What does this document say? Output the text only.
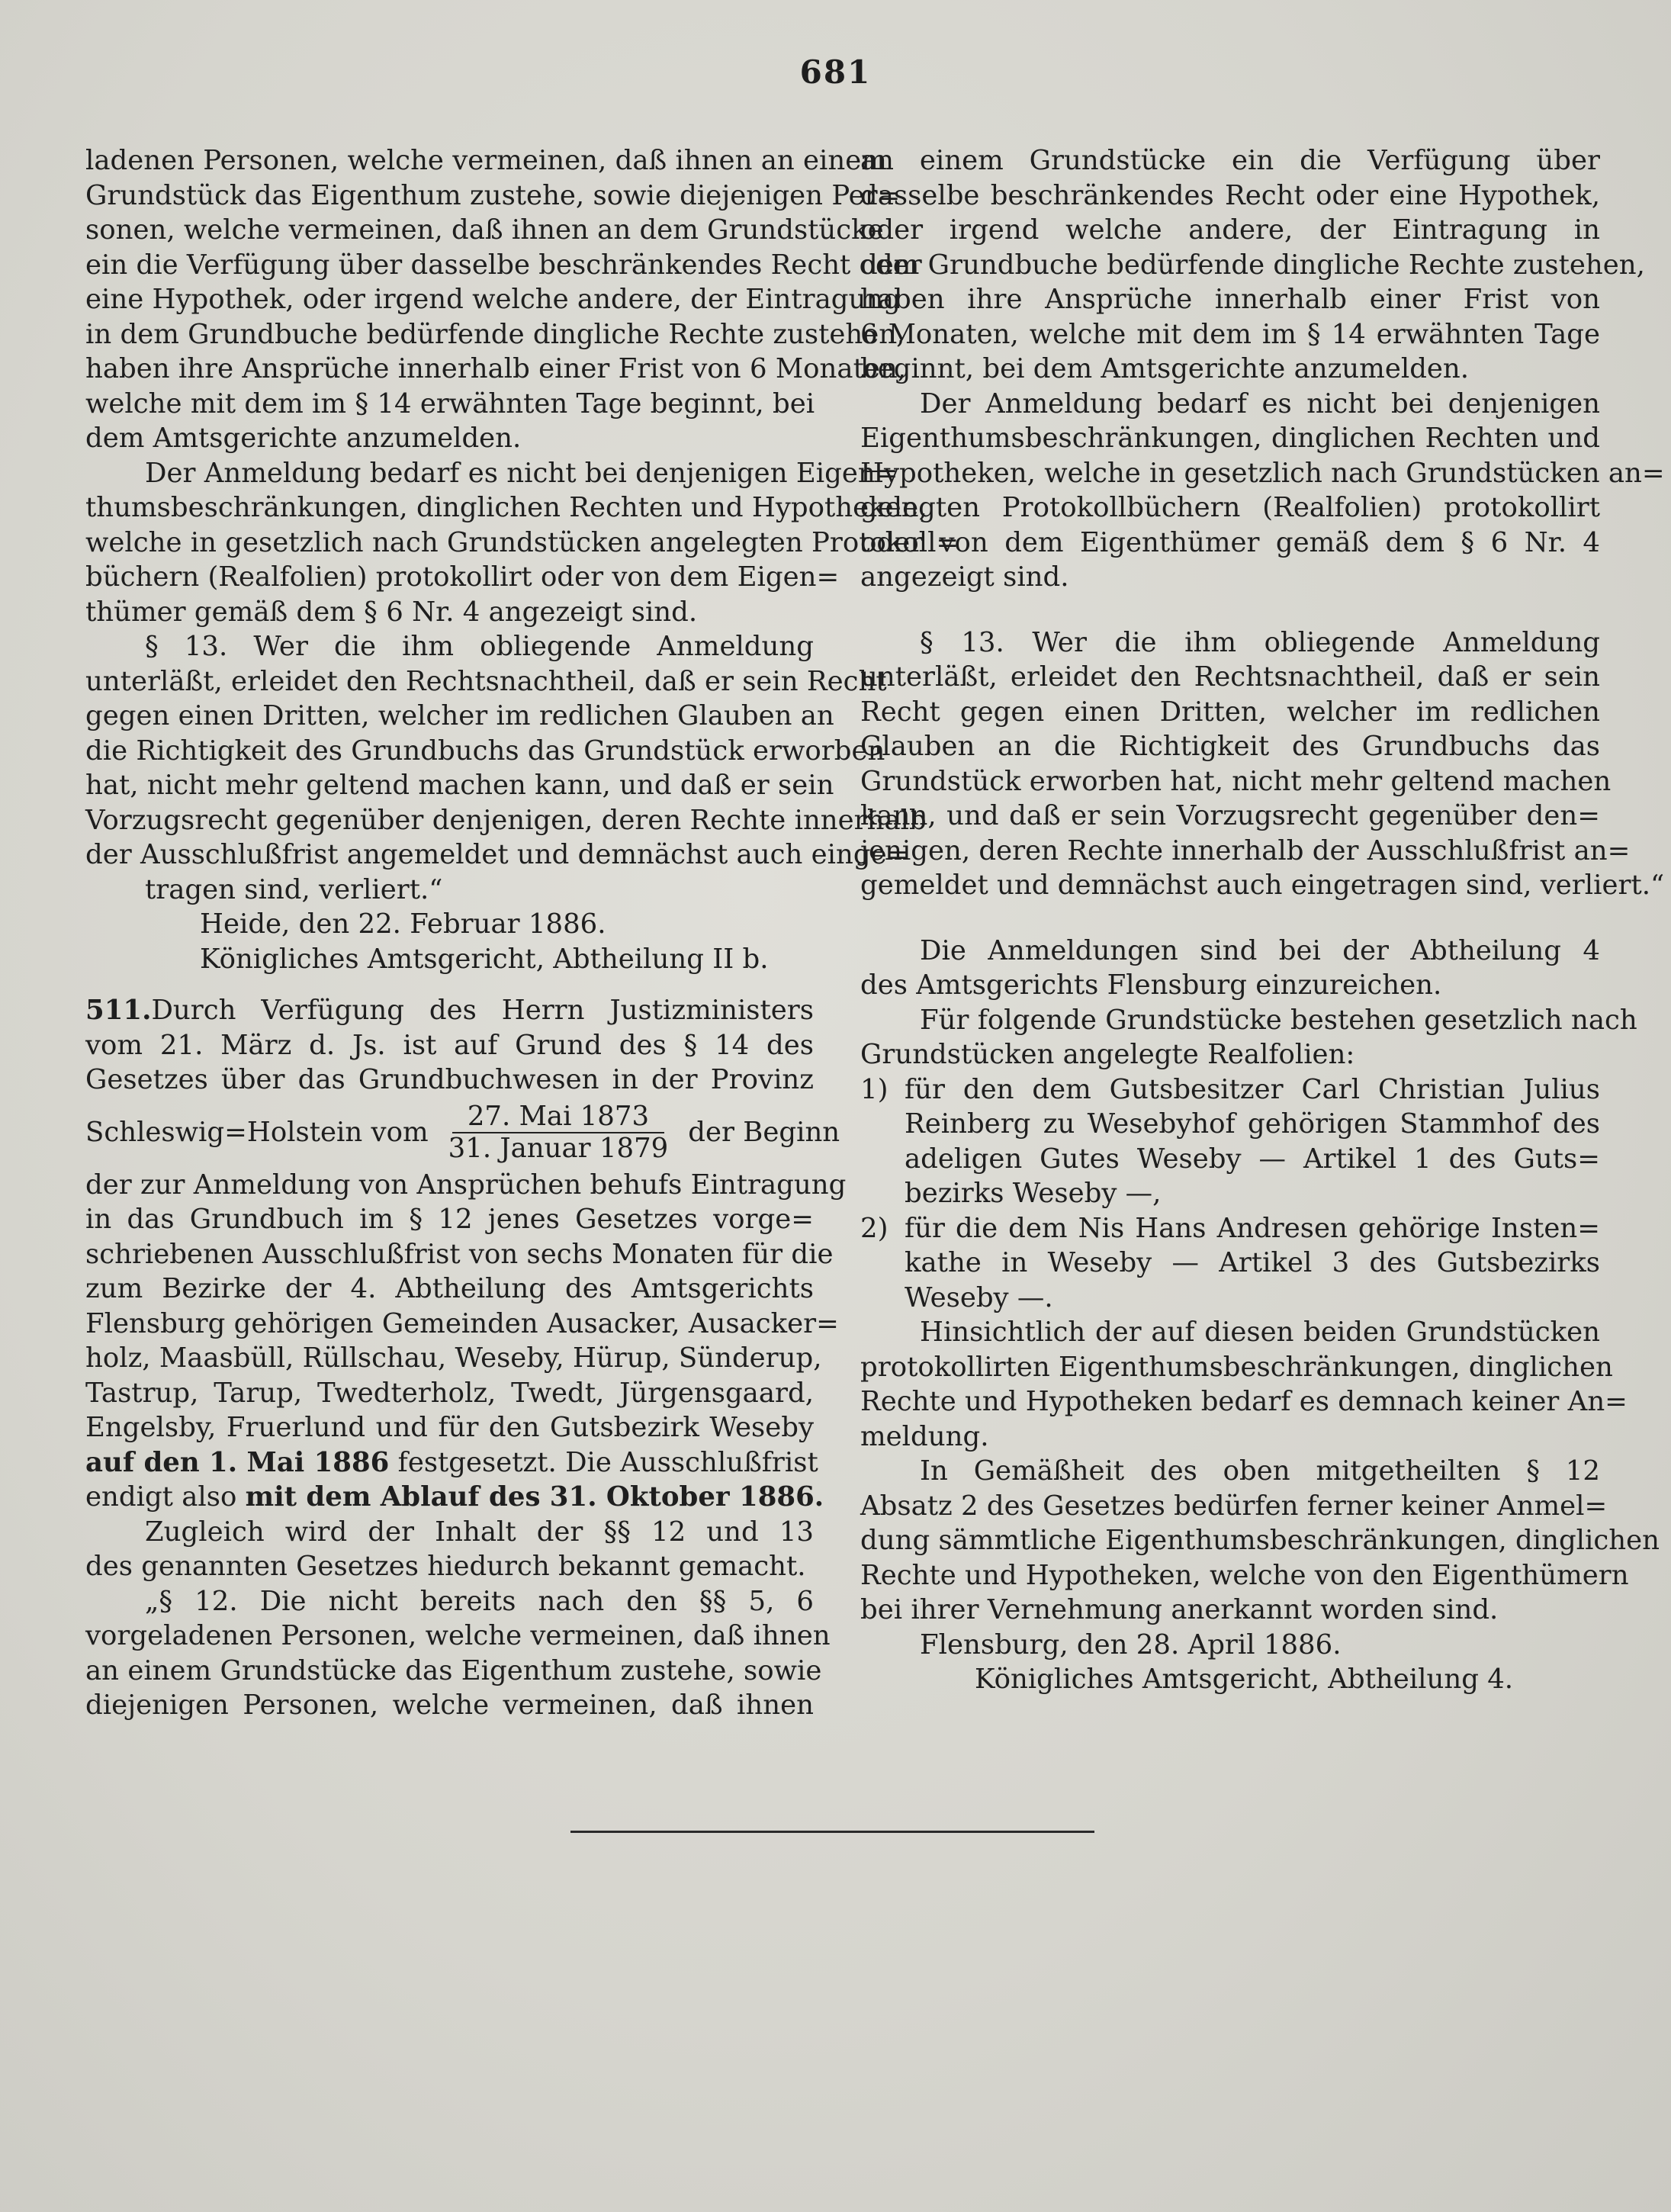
681
ladenen Personen, welche vermeinen, daß ihnen an einem
Grundstück das Eigenthum zustehe, sowie diejenigen Per=
sonen, welche vermeinen, daß ihnen an dem Grundstücke
ein die Verfügung über dasselbe beschränkendes Recht oder
eine Hypothek, oder irgend welche andere, der Eintragung
in dem Grundbuche bedürfende dingliche Rechte zustehen,
haben ihre Ansprüche innerhalb einer Frist von 6 Monaten,
welche mit dem im § 14 erwähnten Tage beginnt, bei
dem Amtsgerichte anzumelden.
Der Anmeldung bedarf es nicht bei denjenigen Eigen=
thumsbeschränkungen, dinglichen Rechten und Hypotheken,
welche in gesetzlich nach Grundstücken angelegten Protokoll=
büchern (Realfolien) protokollirt oder von dem Eigen=
thümer gemäß dem § 6 Nr. 4 angezeigt sind.
§ 13. Wer die ihm obliegende Anmeldung
unterläßt, erleidet den Rechtsnachtheil, daß er sein Recht
gegen einen Dritten, welcher im redlichen Glauben an
die Richtigkeit des Grundbuchs das Grundstück erworben
hat, nicht mehr geltend machen kann, und daß er sein
Vorzugsrecht gegenüber denjenigen, deren Rechte innerhalb
der Ausschlußfrist angemeldet und demnächst auch einge=
tragen sind, verliert.“
Heide, den 22. Februar 1886.
Königliches Amtsgericht, Abtheilung II b.
511.Durch Verfügung des Herrn Justizministers
vom 21. März d. Js. ist auf Grund des § 14 des
Gesetzes über das Grundbuchwesen in der Provinz
Schleswig=Holstein vom $\frac{\text{27. Mai 1873}}{\text{31. Januar 1879}}$ der Beginn
der zur Anmeldung von Ansprüchen behufs Eintragung
in das Grundbuch im § 12 jenes Gesetzes vorge=
schriebenen Ausschlußfrist von sechs Monaten für die
zum Bezirke der 4. Abtheilung des Amtsgerichts
Flensburg gehörigen Gemeinden Ausacker, Ausacker=
holz, Maasbüll, Rüllschau, Weseby, Hürup, Sünderup,
Tastrup, Tarup, Twedterholz, Twedt, Jürgensgaard,
Engelsby, Fruerlund und für den Gutsbezirk Weseby
auf den 1. Mai 1886 festgesetzt. Die Ausschlußfrist
endigt also mit dem Ablauf des 31. Oktober 1886.
Zugleich wird der Inhalt der §§ 12 und 13
des genannten Gesetzes hiedurch bekannt gemacht.
„§ 12. Die nicht bereits nach den §§ 5, 6
vorgeladenen Personen, welche vermeinen, daß ihnen
an einem Grundstücke das Eigenthum zustehe, sowie
diejenigen Personen, welche vermeinen, daß ihnen
an einem Grundstücke ein die Verfügung über
dasselbe beschränkendes Recht oder eine Hypothek,
oder irgend welche andere, der Eintragung in
dem Grundbuche bedürfende dingliche Rechte zustehen,
haben ihre Ansprüche innerhalb einer Frist von
6 Monaten, welche mit dem im § 14 erwähnten Tage
beginnt, bei dem Amtsgerichte anzumelden.
Der Anmeldung bedarf es nicht bei denjenigen
Eigenthumsbeschränkungen, dinglichen Rechten und
Hypotheken, welche in gesetzlich nach Grundstücken an=
gelegten Protokollbüchern (Realfolien) protokollirt
oder von dem Eigenthümer gemäß dem § 6 Nr. 4
angezeigt sind.
§ 13. Wer die ihm obliegende Anmeldung
unterläßt, erleidet den Rechtsnachtheil, daß er sein
Recht gegen einen Dritten, welcher im redlichen
Glauben an die Richtigkeit des Grundbuchs das
Grundstück erworben hat, nicht mehr geltend machen
kann, und daß er sein Vorzugsrecht gegenüber den=
jenigen, deren Rechte innerhalb der Ausschlußfrist an=
gemeldet und demnächst auch eingetragen sind, verliert.“
Die Anmeldungen sind bei der Abtheilung 4
des Amtsgerichts Flensburg einzureichen.
Für folgende Grundstücke bestehen gesetzlich nach
Grundstücken angelegte Realfolien:
1) für den dem Gutsbesitzer Carl Christian Julius
Reinberg zu Wesebyhof gehörigen Stammhof des
adeligen Gutes Weseby — Artikel 1 des Guts=
bezirks Weseby —,
2) für die dem Nis Hans Andresen gehörige Insten=
kathe in Weseby — Artikel 3 des Gutsbezirks
Weseby —.
Hinsichtlich der auf diesen beiden Grundstücken
protokollirten Eigenthumsbeschränkungen, dinglichen
Rechte und Hypotheken bedarf es demnach keiner An=
meldung.
In Gemäßheit des oben mitgetheilten § 12
Absatz 2 des Gesetzes bedürfen ferner keiner Anmel=
dung sämmtliche Eigenthumsbeschränkungen, dinglichen
Rechte und Hypotheken, welche von den Eigenthümern
bei ihrer Vernehmung anerkannt worden sind.
Flensburg, den 28. April 1886.
Königliches Amtsgericht, Abtheilung 4.
